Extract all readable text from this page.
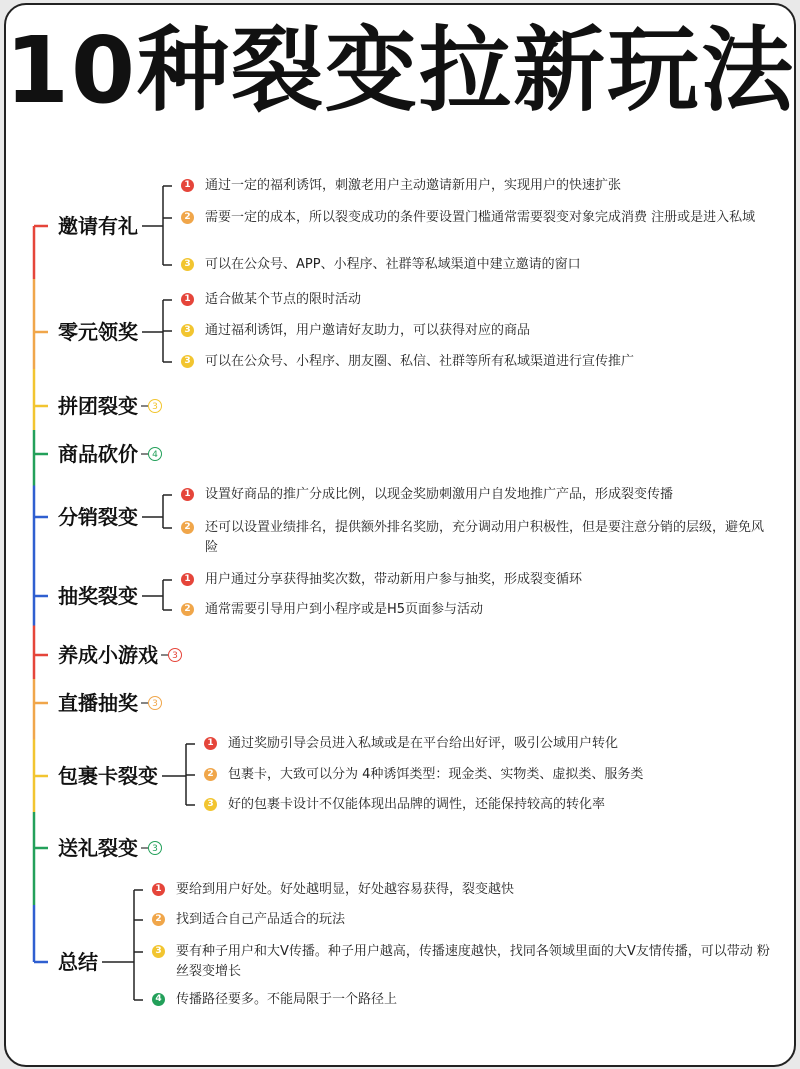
10种裂变拉新玩法
邀请有礼
1 通过一定的福利诱饵，刺激老用户主动邀请新用户，实现用户的快速扩张
2 需要一定的成本，所以裂变成功的条件要设置门槛通常需要裂变对象完成消费 注册或是进入私域
3 可以在公众号、APP、小程序、社群等私域渠道中建立邀请的窗口
零元领奖
1 适合做某个节点的限时活动
3 通过福利诱饵，用户邀请好友助力，可以获得对应的商品
3 可以在公众号、小程序、朋友圈、私信、社群等所有私域渠道进行宣传推广
拼团裂变	3
商品砍价	4
分销裂变
1 设置好商品的推广分成比例，以现金奖励刺激用户自发地推广产品，形成裂变传播
2 还可以设置业绩排名，提供额外排名奖励，充分调动用户积极性，但是要注意分销的层级，避免风险
抽奖裂变
1 用户通过分享获得抽奖次数，带动新用户参与抽奖，形成裂变循环
2 通常需要引导用户到小程序或是H5页面参与活动
养成小游戏	3
直播抽奖	3
包裹卡裂变
1 通过奖励引导会员进入私域或是在平台给出好评，吸引公域用户转化
2 包裹卡，大致可以分为 4种诱饵类型：现金类、实物类、虚拟类、服务类
3 好的包裹卡设计不仅能体现出品牌的调性，还能保持较高的转化率
送礼裂变	3
总结
1 要给到用户好处。好处越明显，好处越容易获得，裂变越快
2 找到适合自己产品适合的玩法
3 要有种子用户和大V传播。种子用户越高，传播速度越快，找同各领域里面的大V友情传播，可以带动 粉丝裂变增长
4 传播路径要多。不能局限于一个路径上
